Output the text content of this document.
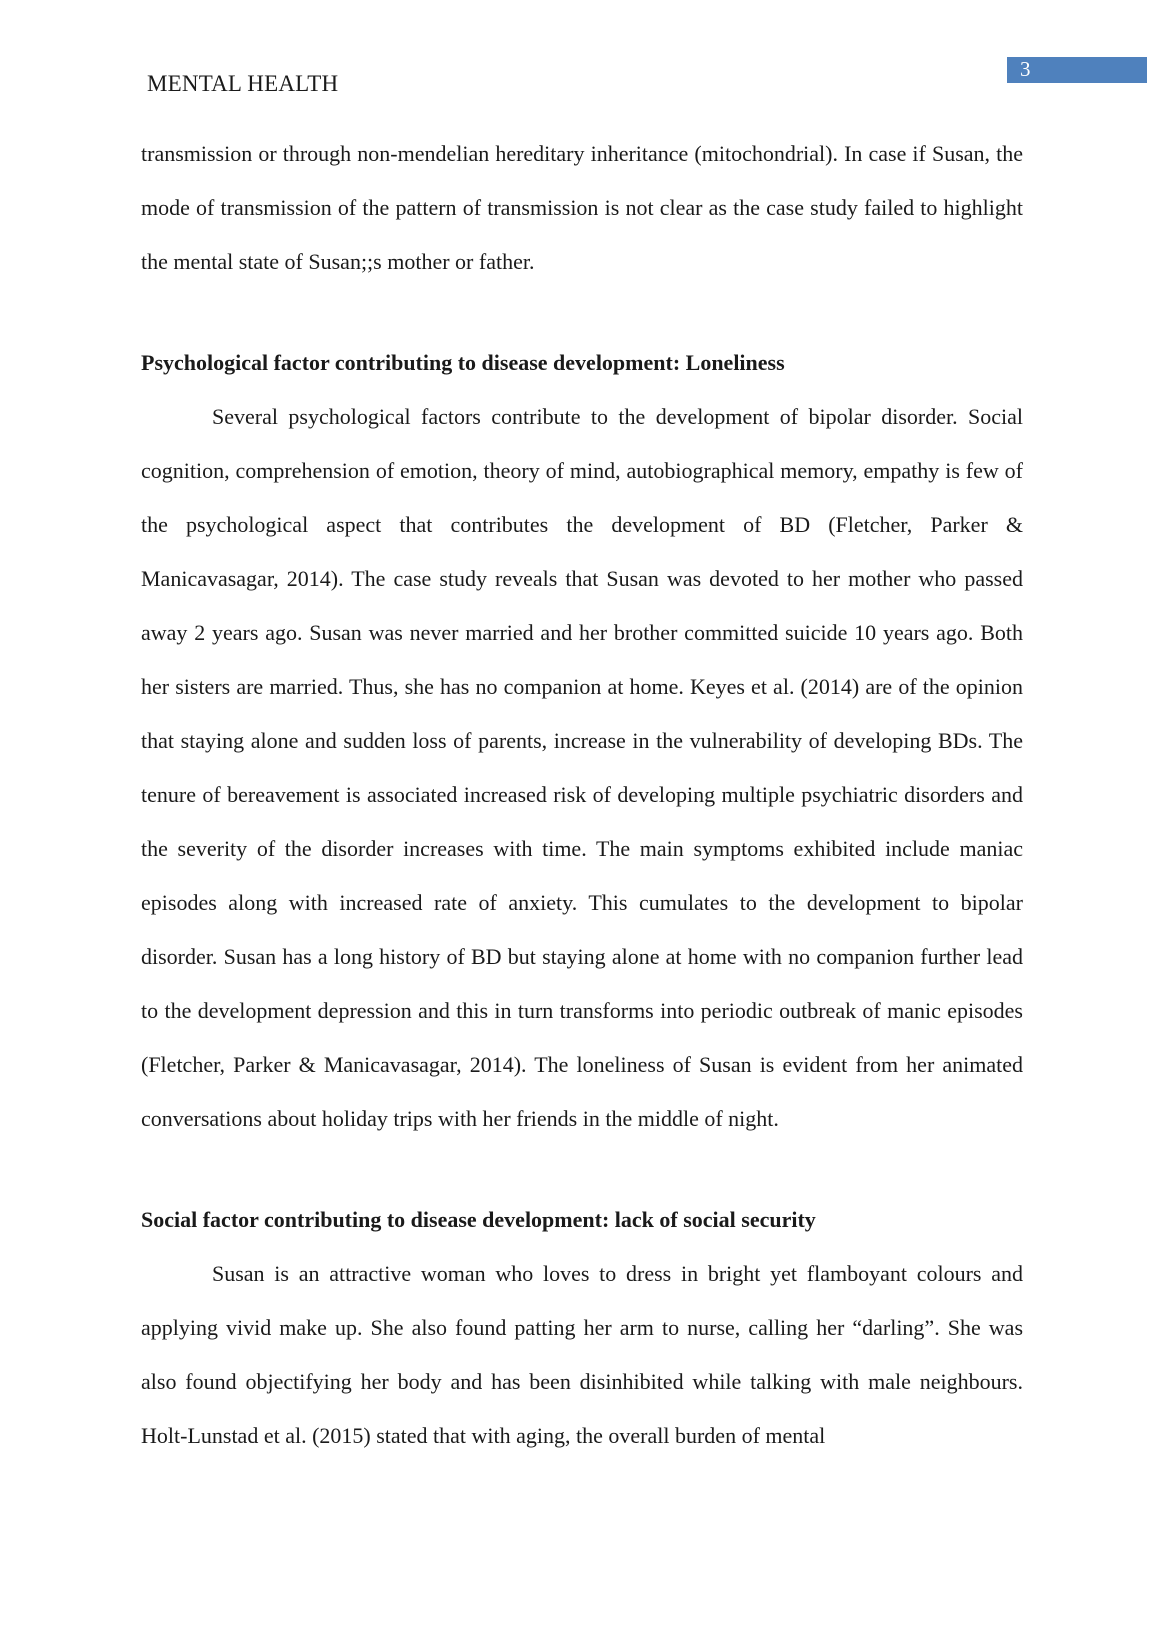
3
MENTAL HEALTH

transmission or through non-mendelian hereditary inheritance (mitochondrial). In case if Susan, the mode of transmission of the pattern of transmission is not clear as the case study failed to highlight the mental state of Susan;;s mother or father.

Psychological factor contributing to disease development: Loneliness

Several psychological factors contribute to the development of bipolar disorder. Social cognition, comprehension of emotion, theory of mind, autobiographical memory, empathy is few of the psychological aspect that contributes the development of BD (Fletcher, Parker & Manicavasagar, 2014). The case study reveals that Susan was devoted to her mother who passed away 2 years ago. Susan was never married and her brother committed suicide 10 years ago. Both her sisters are married. Thus, she has no companion at home. Keyes et al. (2014) are of the opinion that staying alone and sudden loss of parents, increase in the vulnerability of developing BDs. The tenure of bereavement is associated increased risk of developing multiple psychiatric disorders and the severity of the disorder increases with time. The main symptoms exhibited include maniac episodes along with increased rate of anxiety. This cumulates to the development to bipolar disorder. Susan has a long history of BD but staying alone at home with no companion further lead to the development depression and this in turn transforms into periodic outbreak of manic episodes (Fletcher, Parker & Manicavasagar, 2014). The loneliness of Susan is evident from her animated conversations about holiday trips with her friends in the middle of night.

Social factor contributing to disease development: lack of social security

Susan is an attractive woman who loves to dress in bright yet flamboyant colours and applying vivid make up. She also found patting her arm to nurse, calling her “darling”. She was also found objectifying her body and has been disinhibited while talking with male neighbours. Holt-Lunstad et al. (2015) stated that with aging, the overall burden of mental
